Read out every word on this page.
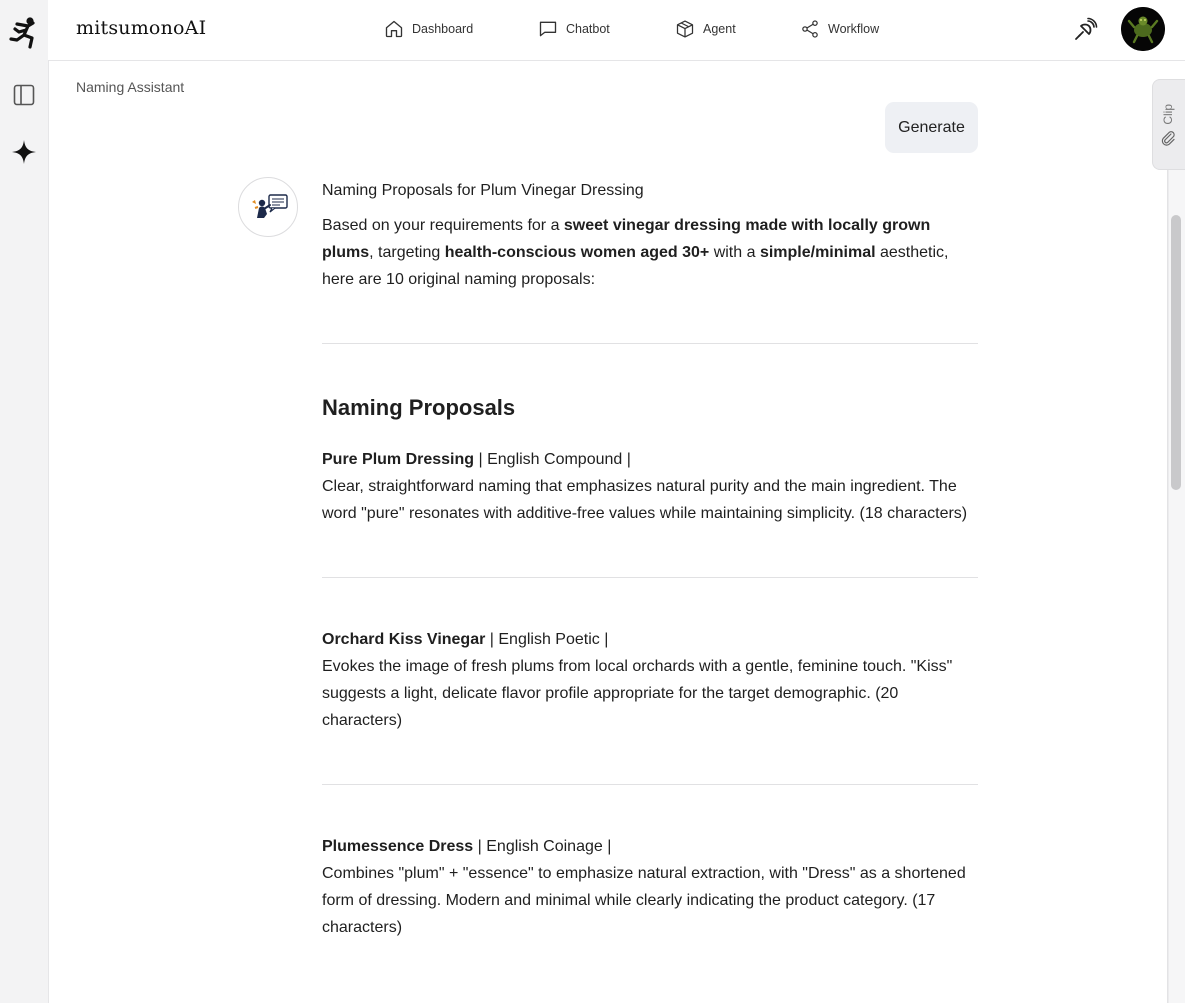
mitsumonoAI	Dashboard	Chatbot	Agent	Workflow
Naming Assistant
Generate

Naming Proposals for Plum Vinegar Dressing

Based on your requirements for a sweet vinegar dressing made with locally grown plums, targeting health-conscious women aged 30+ with a simple/minimal aesthetic, here are 10 original naming proposals:

Naming Proposals

Pure Plum Dressing | English Compound |
Clear, straightforward naming that emphasizes natural purity and the main ingredient. The word "pure" resonates with additive-free values while maintaining simplicity. (18 characters)

Orchard Kiss Vinegar | English Poetic |
Evokes the image of fresh plums from local orchards with a gentle, feminine touch. "Kiss" suggests a light, delicate flavor profile appropriate for the target demographic. (20 characters)

Plumessence Dress | English Coinage |
Combines "plum" + "essence" to emphasize natural extraction, with "Dress" as a shortened form of dressing. Modern and minimal while clearly indicating the product category. (17 characters)

Clip
